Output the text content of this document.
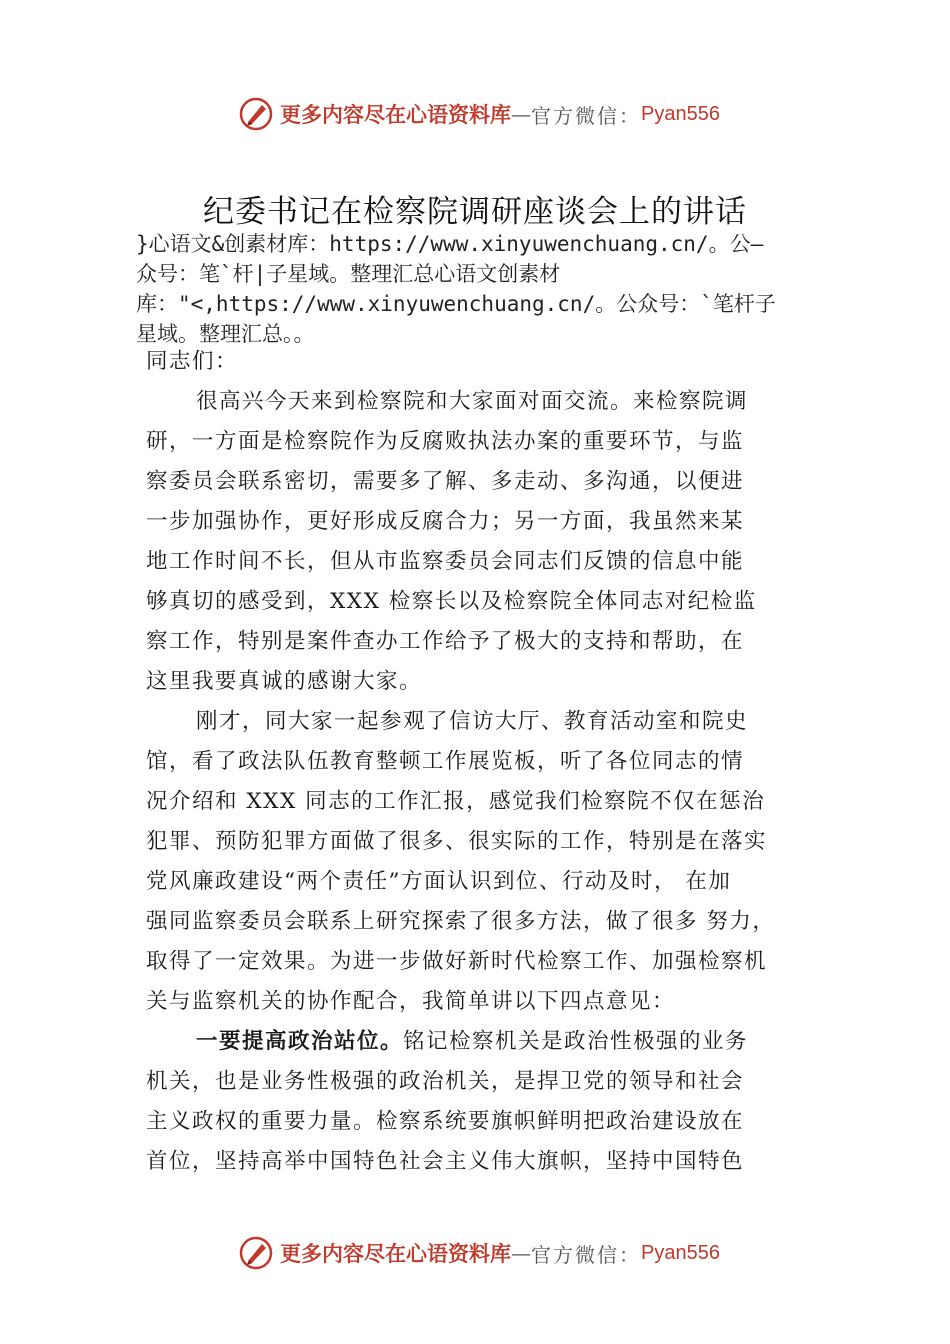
更多内容尽在心语资料库 — 官方微信： Pyan556
纪委书记在检察院调研座谈会上的讲话
}心语文&创素材库：https://www.xinyuwenchuang.cn/。公—
众号：笔`杆|子星域。整理汇总心语文创素材
库："<,https://www.xinyuwenchuang.cn/。公众号：`笔杆子
星域。整理汇总。。
同志们：
很高兴今天来到检察院和大家面对面交流。来检察院调
研，一方面是检察院作为反腐败执法办案的重要环节，与监
察委员会联系密切，需要多了解、多走动、多沟通，以便进
一步加强协作，更好形成反腐合力；另一方面，我虽然来某
地工作时间不长，但从市监察委员会同志们反馈的信息中能
够真切的感受到，XXX 检察长以及检察院全体同志对纪检监
察工作，特别是案件查办工作给予了极大的支持和帮助，在
这里我要真诚的感谢大家。
刚才，同大家一起参观了信访大厅、教育活动室和院史
馆，看了政法队伍教育整顿工作展览板，听了各位同志的情
况介绍和 XXX 同志的工作汇报，感觉我们检察院不仅在惩治
犯罪、预防犯罪方面做了很多、很实际的工作，特别是在落实
党风廉政建设“两个责任”方面认识到位、行动及时， 在加
强同监察委员会联系上研究探索了很多方法，做了很多 努力，
取得了一定效果。为进一步做好新时代检察工作、加强检察机
关与监察机关的协作配合，我简单讲以下四点意见：
一要提高政治站位。铭记检察机关是政治性极强的业务
机关，也是业务性极强的政治机关，是捍卫党的领导和社会
主义政权的重要力量。检察系统要旗帜鲜明把政治建设放在
首位，坚持高举中国特色社会主义伟大旗帜，坚持中国特色
更多内容尽在心语资料库 — 官方微信： Pyan556
